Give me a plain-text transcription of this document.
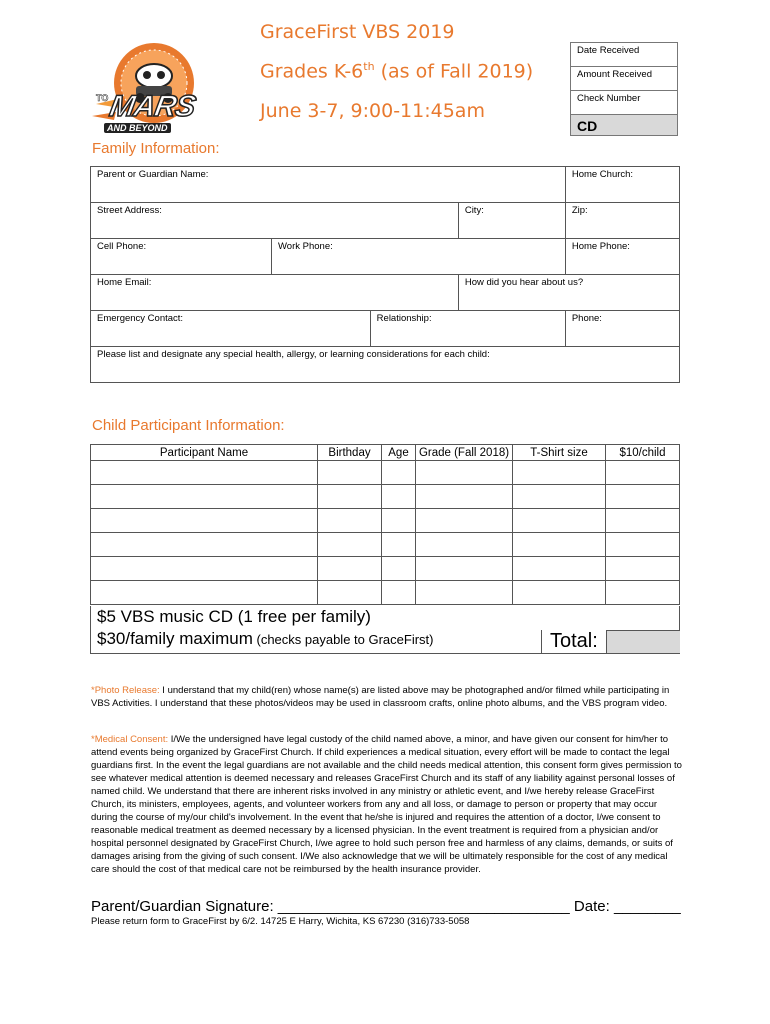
TO
MARS
AND BEYOND
GraceFirst VBS 2019
Grades K-6th (as of Fall 2019)
June 3-7, 9:00-11:45am
Date Received
Amount Received
Check Number
CD
Family Information:
Parent or Guardian Name:				Home Church:
Street Address:			City:	Zip:
Cell Phone:	Work Phone:			Home Phone:
Home Email:			How did you hear about us?	
Emergency Contact:		Relationship:		Phone:
Please list and designate any special health, allergy, or learning considerations for each child:				
Child Participant Information:
Participant Name	Birthday	Age	Grade (Fall 2018)	T-Shirt size	$10/child

$5 VBS music CD (1 free per family)
$30/family maximum (checks payable to GraceFirst)	Total:
*Photo Release: I understand that my child(ren) whose name(s) are listed above may be photographed and/or filmed while participating in VBS Activities. I understand that these photos/videos may be used in classroom crafts, online photo albums, and the VBS program video.
*Medical Consent: I/We the undersigned have legal custody of the child named above, a minor, and have given our consent for him/her to attend events being organized by GraceFirst Church. If child experiences a medical situation, every effort will be made to contact the legal guardians first. In the event the legal guardians are not available and the child needs medical attention, this consent form gives permission to see whatever medical attention is deemed necessary and releases GraceFirst Church and its staff of any liability against personal losses of named child. We understand that there are inherent risks involved in any ministry or athletic event, and I/we hereby release GraceFirst Church, its ministers, employees, agents, and volunteer workers from any and all loss, or damage to person or property that may occur during the course of my/our child's involvement. In the event that he/she is injured and requires the attention of a doctor, I/we consent to reasonable medical treatment as deemed necessary by a licensed physician. In the event treatment is required from a physician and/or hospital personnel designated by GraceFirst Church, I/we agree to hold such person free and harmless of any claims, demands, or suits of damages arising from the giving of such consent. I/We also acknowledge that we will be ultimately responsible for the cost of any medical care should the cost of that medical care not be reimbursed by the health insurance provider.
Parent/Guardian Signature: ___________________________________ Date: ________
Please return form to GraceFirst by 6/2. 14725 E Harry, Wichita, KS 67230 (316)733-5058
